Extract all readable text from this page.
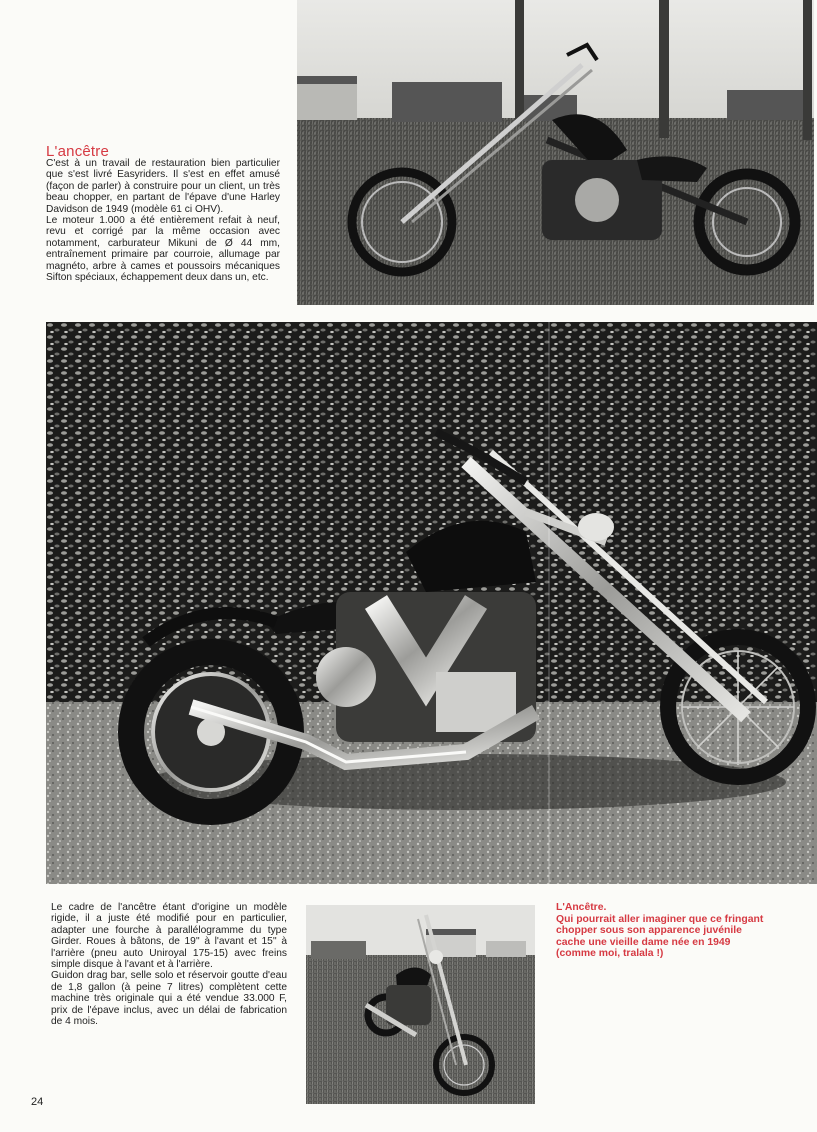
L'ancêtre

C'est à un travail de restauration bien particulier que s'est livré Easyriders. Il s'est en effet amusé (façon de parler) à construire pour un client, un très beau chopper, en partant de l'épave d'une Harley Davidson de 1949 (modèle 61 ci OHV).

Le moteur 1.000 a été entièrement refait à neuf, revu et corrigé par la même occasion avec notamment, carburateur Mikuni de Ø 44 mm, entraînement primaire par courroie, allumage par magnéto, arbre à cames et poussoirs mécaniques Sifton spéciaux, échappement deux dans un, etc.

Le cadre de l'ancêtre étant d'origine un modèle rigide, il a juste été modifié pour en particulier, adapter une fourche à parallélogramme du type Girder. Roues à bâtons, de 19'' à l'avant et 15'' à l'arrière (pneu auto Uniroyal 175-15) avec freins simple disque à l'avant et à l'arrière.

Guidon drag bar, selle solo et réservoir goutte d'eau de 1,8 gallon (à peine 7 litres) complètent cette machine très originale qui a été vendue 33.000 F, prix de l'épave inclus, avec un délai de fabrication de 4 mois.

L'Ancêtre.
Qui pourrait aller imaginer que ce fringant
chopper sous son apparence juvénile
cache une vieille dame née en 1949
(comme moi, tralala !)
24
